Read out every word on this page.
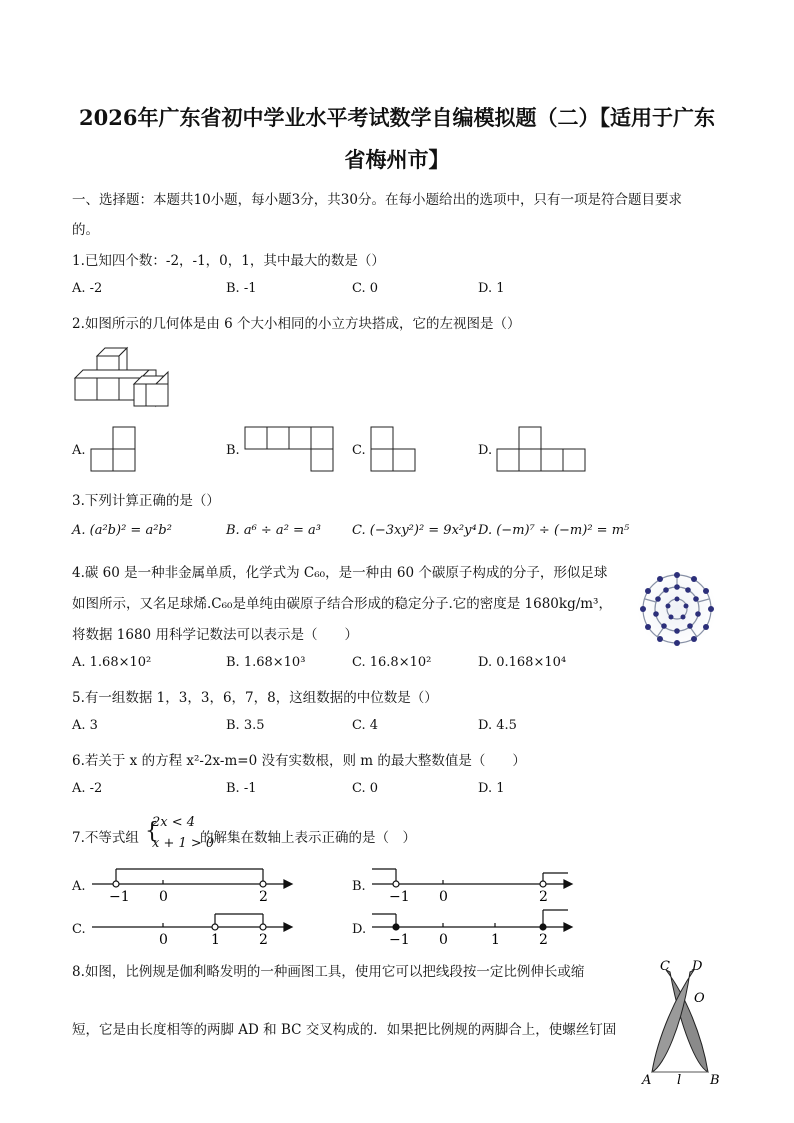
2026年广东省初中学业水平考试数学自编模拟题（二）【适用于广东
省梅州市】
一、选择题：本题共10小题，每小题3分，共30分。在每小题给出的选项中，只有一项是符合题目要求
的。
1.已知四个数：-2，-1，0，1，其中最大的数是（）
A. -2	B. -1	C. 0	D. 1
2.如图所示的几何体是由 6 个大小相同的小立方块搭成，它的左视图是（）
A.	B.	C.	D.
3.下列计算正确的是（）
A. (a²b)² = a²b²	B. a⁶ ÷ a² = a³ C. (−3xy²)² = 9x²y⁴ D. (−m)⁷ ÷ (−m)² = m⁵
4.碳 60 是一种非金属单质，化学式为 C₆₀，是一种由 60 个碳原子构成的分子，形似足球
如图所示，又名足球烯.C₆₀是单纯由碳原子结合形成的稳定分子.它的密度是 1680kg/m³，
将数据 1680 用科学记数法可以表示是（　　）
A. 1.68×10²	B. 1.68×10³	C. 16.8×10²	D. 0.168×10⁴
5.有一组数据 1，3，3，6，7，8，这组数据的中位数是（）
A. 3	B. 3.5	C. 4	D. 4.5
6.若关于 x 的方程 x²-2x-m=0 没有实数根，则 m 的最大整数值是（　　）
A. -2	B. -1	C. 0	D. 1
7.不等式组 {
2x < 4
x + 1 > 0
的解集在数轴上表示正确的是（　）
A.
−1 0	2
B.
−1 0	2
C.
0	1	2
D.
−1 0	1	2
8.如图，比例规是伽利略发明的一种画图工具，使用它可以把线段按一定比例伸长或缩
短，它是由长度相等的两脚 AD 和 BC 交叉构成的．如果把比例规的两脚合上，使螺丝钉固
C D
O
A l B
